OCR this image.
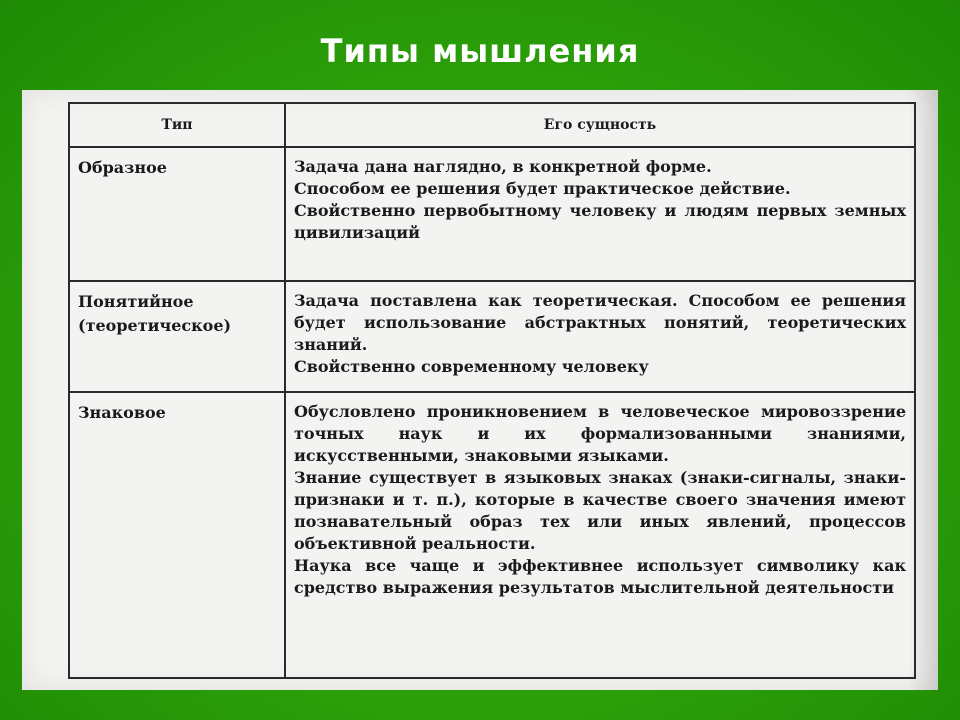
Типы мышления
Тип	Его сущность
Образное	Задача дана наглядно, в конкретной форме.

Способом ее решения будет практическое действие.

Свойственно первобытному человеку и людям первых земных цивилизаций

Понятийное (теоретическое)	Задача поставлена как теоретическая. Способом ее решения будет использование абстрактных понятий, теоретических знаний.

Свойственно современному человеку

Знаковое	Обусловлено проникновением в человеческое мировоззрение точных наук и их формализованными знаниями, искусственными, знаковыми языками.

Знание существует в языковых знаках (знаки-сигналы, знаки-признаки и т. п.), которые в качестве своего значения имеют познавательный образ тех или иных явлений, процессов объективной реальности.

Наука все чаще и эффективнее использует символику как средство выражения результатов мыслительной деятельности
